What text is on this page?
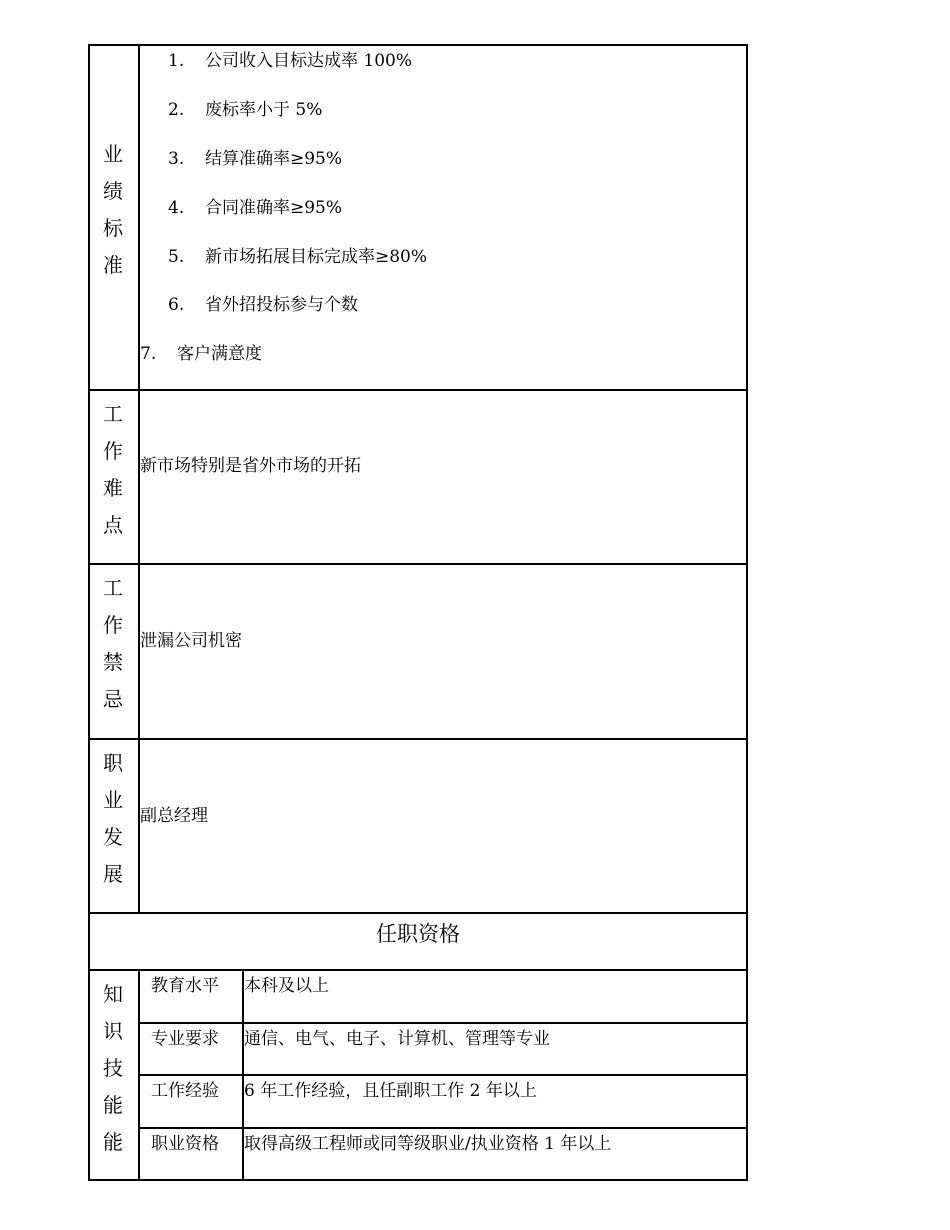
业
绩
标
准
1. 公司收入目标达成率 100%
2. 废标率小于 5%
3. 结算准确率≥95%
4. 合同准确率≥95%
5. 新市场拓展目标完成率≥80%
6. 省外招投标参与个数
7. 客户满意度
工
作
难
点
新市场特别是省外市场的开拓
工
作
禁
忌
泄漏公司机密
职
业
发
展
副总经理
任职资格
知
识
技
能
能
教育水平 本科及以上
专业要求 通信、电气、电子、计算机、管理等专业
工作经验 6 年工作经验，且任副职工作 2 年以上
职业资格 取得高级工程师或同等级职业/执业资格 1 年以上
